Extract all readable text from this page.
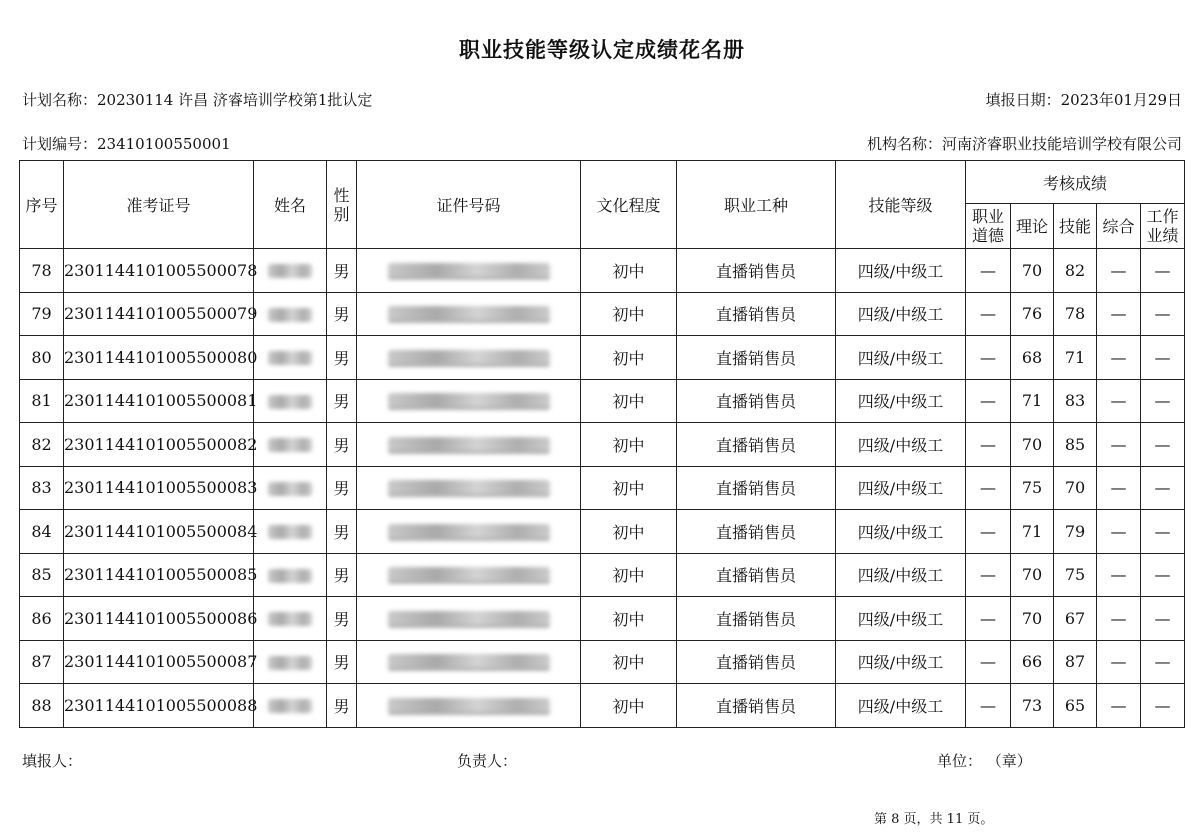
职业技能等级认定成绩花名册
计划名称：20230114 许昌 济睿培训学校第1批认定	填报日期：2023年01月29日
计划编号：23410100550001	机构名称：河南济睿职业技能培训学校有限公司
序号	准考证号	姓名	性别	证件号码	文化程度	职业工种	技能等级	考核成绩				
								职业道德	理论	技能	综合	工作业绩
78	2301144101005500078		男		初中	直播销售员	四级/中级工	—	70	82	—	—
79	2301144101005500079		男		初中	直播销售员	四级/中级工	—	76	78	—	—
80	2301144101005500080		男		初中	直播销售员	四级/中级工	—	68	71	—	—
81	2301144101005500081		男		初中	直播销售员	四级/中级工	—	71	83	—	—
82	2301144101005500082		男		初中	直播销售员	四级/中级工	—	70	85	—	—
83	2301144101005500083		男		初中	直播销售员	四级/中级工	—	75	70	—	—
84	2301144101005500084		男		初中	直播销售员	四级/中级工	—	71	79	—	—
85	2301144101005500085		男		初中	直播销售员	四级/中级工	—	70	75	—	—
86	2301144101005500086		男		初中	直播销售员	四级/中级工	—	70	67	—	—
87	2301144101005500087		男		初中	直播销售员	四级/中级工	—	66	87	—	—
88	2301144101005500088		男		初中	直播销售员	四级/中级工	—	73	65	—	—
填报人：	负责人：	单位： （章）
第 8 页，共 11 页。
